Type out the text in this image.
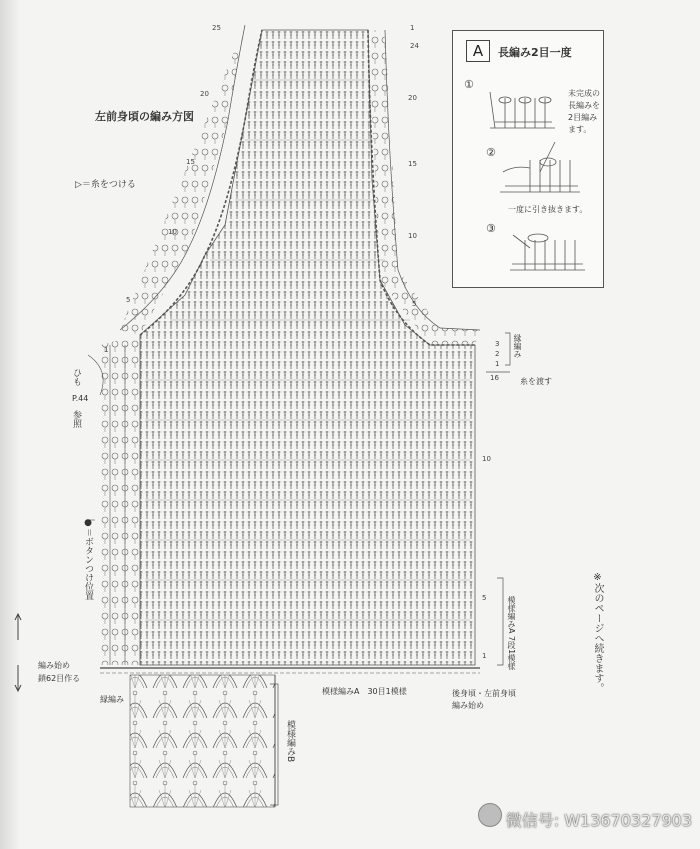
25
20
15
10
5
1
1
24
20
15
10
5
16
10
5
1
3
2
1
左前身頃の編み方図
▷＝糸をつける
ひも
P.44
参照
●＝ボタンつけ位置
編み始め
鎖62目作る
縁編み
模様編みA　30目1模様	後身頃・左前身頃
編み始め
模様編みB
模様編みA 7段1模様
縁編み
糸を渡す
※次のページへ続きます。
A	長編み2目一度
①
②
③
未完成の
長編みを
2目編み
ます。
一度に引き抜きます。
微信号: W13670327903
